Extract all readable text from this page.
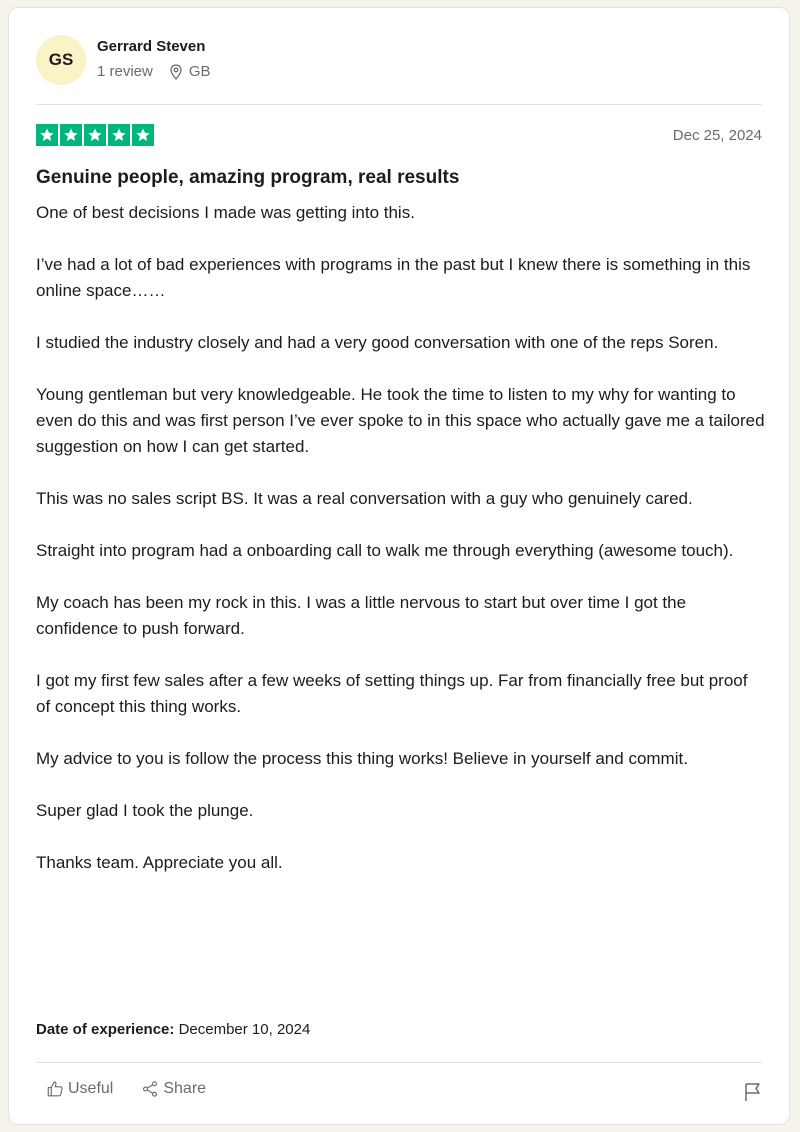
GS
Gerrard Steven
1 review GB
Dec 25, 2024
Genuine people, amazing program, real results

One of best decisions I made was getting into this.

I’ve had a lot of bad experiences with programs in the past but I knew there is something in this online space……

I studied the industry closely and had a very good conversation with one of the reps Soren.

Young gentleman but very knowledgeable. He took the time to listen to my why for wanting to even do this and was first person I’ve ever spoke to in this space who actually gave me a tailored suggestion on how I can get started.

This was no sales script BS. It was a real conversation with a guy who genuinely cared.

Straight into program had a onboarding call to walk me through everything (awesome touch).

My coach has been my rock in this. I was a little nervous to start but over time I got the confidence to push forward.

I got my first few sales after a few weeks of setting things up. Far from financially free but proof of concept this thing works.

My advice to you is follow the process this thing works! Believe in yourself and commit.

Super glad I took the plunge.

Thanks team. Appreciate you all.

Date of experience: December 10, 2024
Useful	Share
